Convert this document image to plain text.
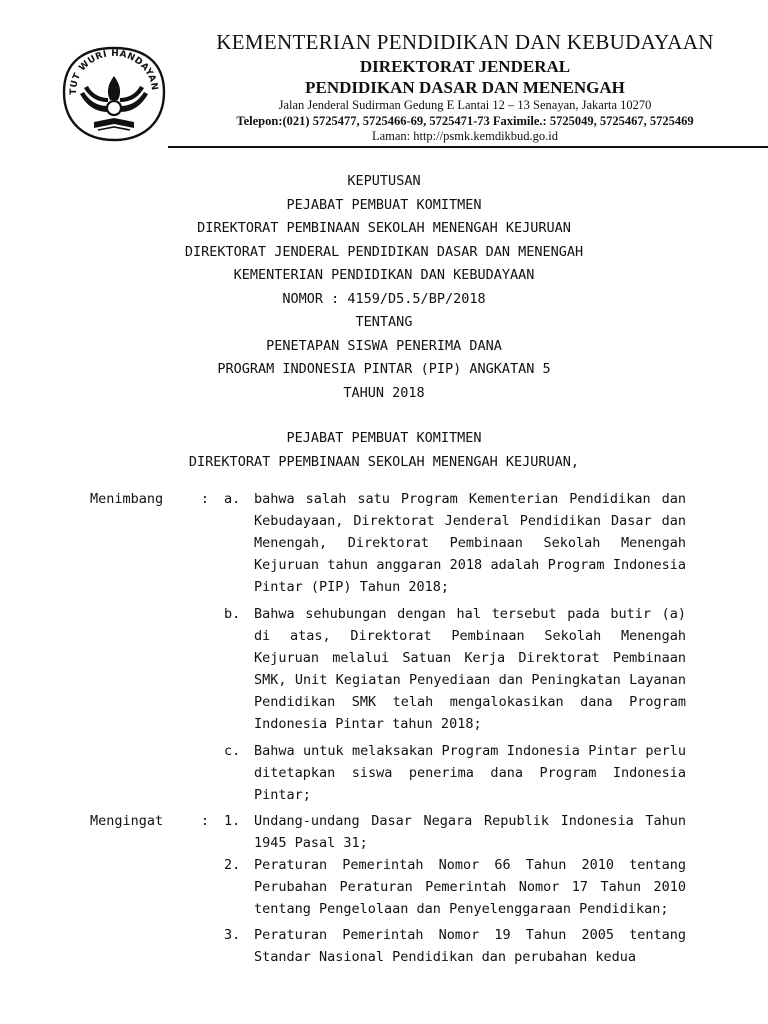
TUT WURI HANDAYAN
KEMENTERIAN PENDIDIKAN DAN KEBUDAYAAN
DIREKTORAT JENDERAL
PENDIDIKAN DASAR DAN MENENGAH
Jalan Jenderal Sudirman Gedung E Lantai 12 – 13 Senayan, Jakarta 10270
Telepon:(021) 5725477, 5725466-69, 5725471-73 Faximile.: 5725049, 5725467, 5725469
Laman: http://psmk.kemdikbud.go.id
KEPUTUSAN
PEJABAT PEMBUAT KOMITMEN
DIREKTORAT PEMBINAAN SEKOLAH MENENGAH KEJURUAN
DIREKTORAT JENDERAL PENDIDIKAN DASAR DAN MENENGAH
KEMENTERIAN PENDIDIKAN DAN KEBUDAYAAN
NOMOR : 4159/D5.5/BP/2018
TENTANG
PENETAPAN SISWA PENERIMA DANA
PROGRAM INDONESIA PINTAR (PIP) ANGKATAN 5
TAHUN 2018
PEJABAT PEMBUAT KOMITMEN
DIREKTORAT PPEMBINAAN SEKOLAH MENENGAH KEJURUAN,
Menimbang	: a.	bahwa salah satu Program Kementerian Pendidikan dan Kebudayaan, Direktorat Jenderal Pendidikan Dasar dan Menengah, Direktorat Pembinaan Sekolah Menengah Kejuruan tahun anggaran 2018 adalah Program Indonesia Pintar (PIP) Tahun 2018;
b.	Bahwa sehubungan dengan hal tersebut pada butir (a) di atas, Direktorat Pembinaan Sekolah Menengah Kejuruan melalui Satuan Kerja Direktorat Pembinaan SMK, Unit Kegiatan Penyediaan dan Peningkatan Layanan Pendidikan SMK telah mengalokasikan dana Program Indonesia Pintar tahun 2018;
c.	Bahwa untuk melaksakan Program Indonesia Pintar perlu ditetapkan siswa penerima dana Program Indonesia Pintar;
Mengingat	: 1.	Undang-undang Dasar Negara Republik Indonesia Tahun 1945 Pasal 31;
2.	Peraturan Pemerintah Nomor 66 Tahun 2010 tentang Perubahan Peraturan Pemerintah Nomor 17 Tahun 2010 tentang Pengelolaan dan Penyelenggaraan Pendidikan;
3.	Peraturan Pemerintah Nomor 19 Tahun 2005 tentang Standar Nasional Pendidikan dan perubahan kedua
